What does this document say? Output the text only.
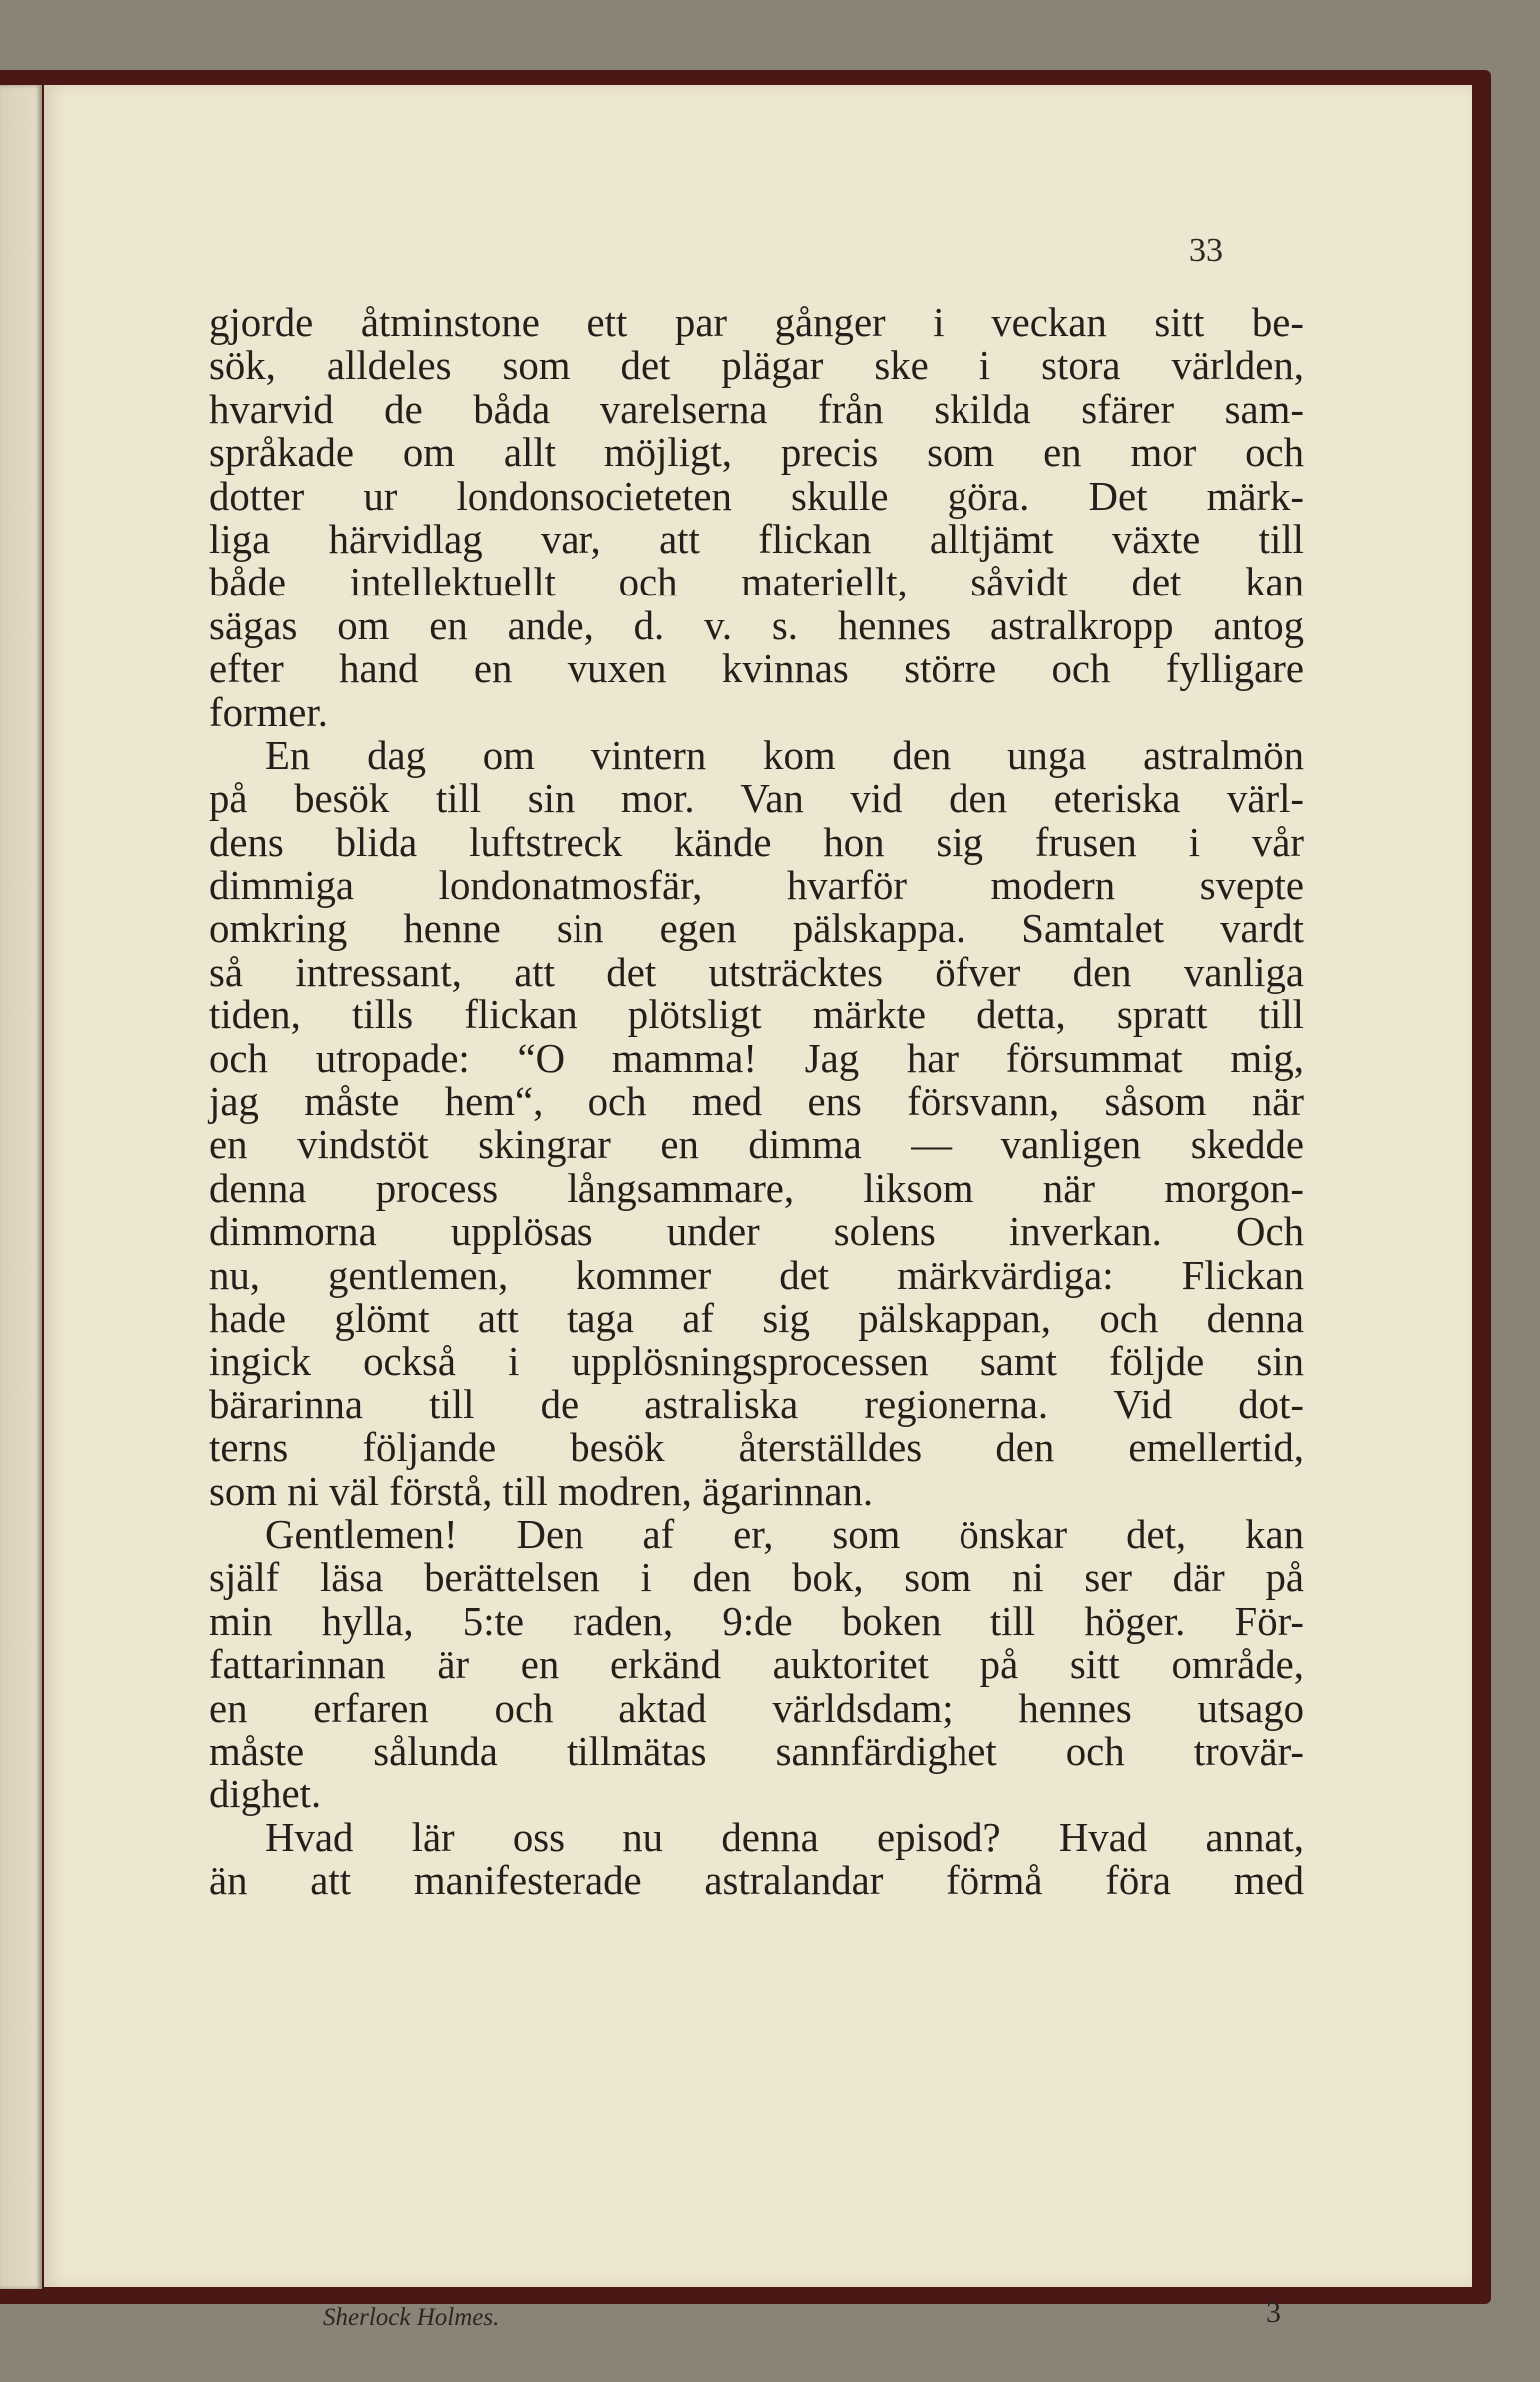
33
gjorde åtminstone ett par gånger i veckan sitt be-
sök, alldeles som det plägar ske i stora världen,
hvarvid de båda varelserna från skilda sfärer sam-
språkade om allt möjligt, precis som en mor och
dotter ur londonsocieteten skulle göra. Det märk-
liga härvidlag var, att flickan alltjämt växte till
både intellektuellt och materiellt, såvidt det kan
sägas om en ande, d. v. s. hennes astralkropp antog
efter hand en vuxen kvinnas större och fylligare
former.
En dag om vintern kom den unga astralmön
på besök till sin mor. Van vid den eteriska värl-
dens blida luftstreck kände hon sig frusen i vår
dimmiga londonatmosfär, hvarför modern svepte
omkring henne sin egen pälskappa. Samtalet vardt
så intressant, att det utsträcktes öfver den vanliga
tiden, tills flickan plötsligt märkte detta, spratt till
och utropade: “O mamma! Jag har försummat mig,
jag måste hem“, och med ens försvann, såsom när
en vindstöt skingrar en dimma — vanligen skedde
denna process långsammare, liksom när morgon-
dimmorna upplösas under solens inverkan. Och
nu, gentlemen, kommer det märkvärdiga: Flickan
hade glömt att taga af sig pälskappan, och denna
ingick också i upplösningsprocessen samt följde sin
bärarinna till de astraliska regionerna. Vid dot-
terns följande besök återställdes den emellertid,
som ni väl förstå, till modren, ägarinnan.
Gentlemen! Den af er, som önskar det, kan
själf läsa berättelsen i den bok, som ni ser där på
min hylla, 5:te raden, 9:de boken till höger. För-
fattarinnan är en erkänd auktoritet på sitt område,
en erfaren och aktad världsdam; hennes utsago
måste sålunda tillmätas sannfärdighet och trovär-
dighet.
Hvad lär oss nu denna episod? Hvad annat,
än att manifesterade astralandar förmå föra med
Sherlock Holmes.	3
